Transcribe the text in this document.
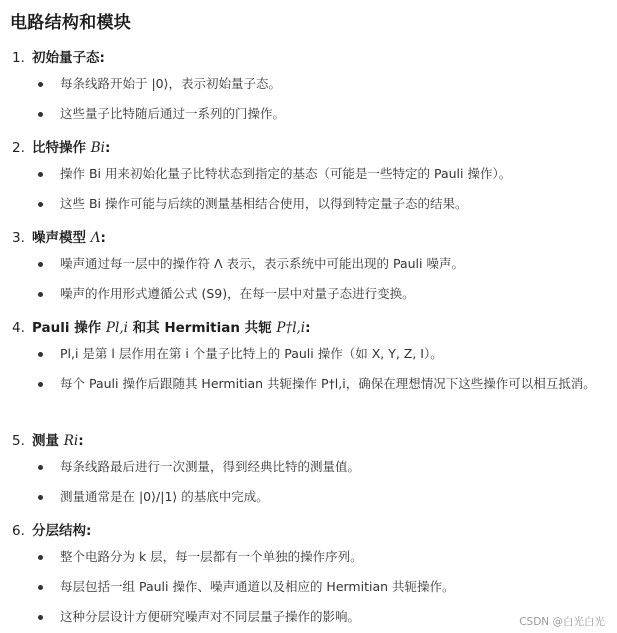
电路结构和模块
1. 初始量子态:
每条线路开始于 |0⟩，表示初始量子态。
这些量子比特随后通过一系列的门操作。
2. 比特操作 Bi:
操作 Bi 用来初始化量子比特状态到指定的基态（可能是一些特定的 Pauli 操作）。
这些 Bi 操作可能与后续的测量基相结合使用，以得到特定量子态的结果。
3. 噪声模型 Λ:
噪声通过每一层中的操作符 Λ 表示，表示系统中可能出现的 Pauli 噪声。
噪声的作用形式遵循公式 (S9)，在每一层中对量子态进行变换。
4. Pauli 操作 Pl,i 和其 Hermitian 共轭 P†l,i:
Pl,i 是第 l 层作用在第 i 个量子比特上的 Pauli 操作（如 X, Y, Z, I）。
每个 Pauli 操作后跟随其 Hermitian 共轭操作 P†l,i，确保在理想情况下这些操作可以相互抵消。
5. 测量 Ri:
每条线路最后进行一次测量，得到经典比特的测量值。
测量通常是在 |0⟩/|1⟩ 的基底中完成。
6. 分层结构:
整个电路分为 k 层，每一层都有一个单独的操作序列。
每层包括一组 Pauli 操作、噪声通道以及相应的 Hermitian 共轭操作。
这种分层设计方便研究噪声对不同层量子操作的影响。	CSDN @白光白光
